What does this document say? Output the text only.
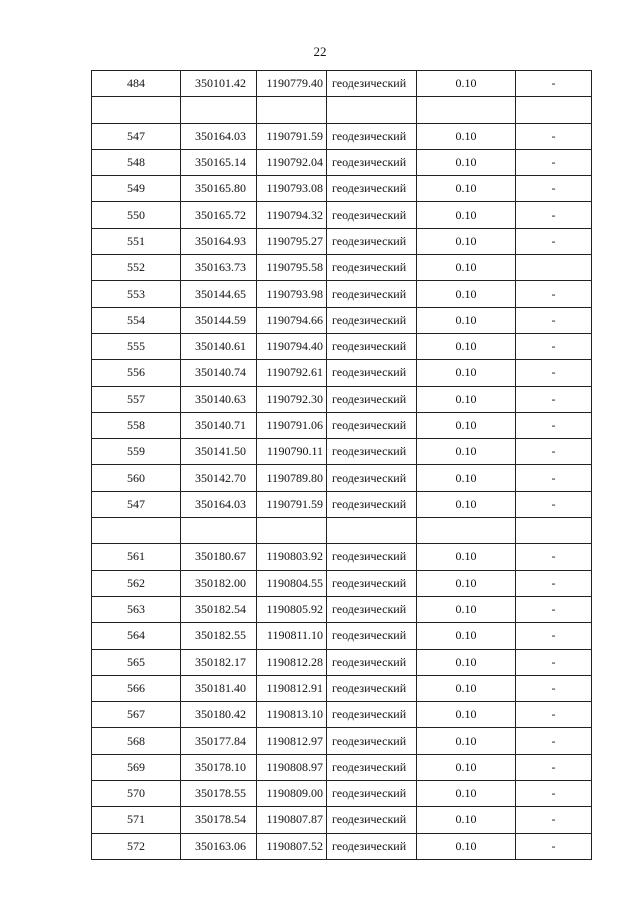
22
484	350101.42	1190779.40	геодезический	0.10	-

547	350164.03	1190791.59	геодезический	0.10	-
548	350165.14	1190792.04	геодезический	0.10	-
549	350165.80	1190793.08	геодезический	0.10	-
550	350165.72	1190794.32	геодезический	0.10	-
551	350164.93	1190795.27	геодезический	0.10	-
552	350163.73	1190795.58	геодезический	0.10	
553	350144.65	1190793.98	геодезический	0.10	-
554	350144.59	1190794.66	геодезический	0.10	-
555	350140.61	1190794.40	геодезический	0.10	-
556	350140.74	1190792.61	геодезический	0.10	-
557	350140.63	1190792.30	геодезический	0.10	-
558	350140.71	1190791.06	геодезический	0.10	-
559	350141.50	1190790.11	геодезический	0.10	-
560	350142.70	1190789.80	геодезический	0.10	-
547	350164.03	1190791.59	геодезический	0.10	-

561	350180.67	1190803.92	геодезический	0.10	-
562	350182.00	1190804.55	геодезический	0.10	-
563	350182.54	1190805.92	геодезический	0.10	-
564	350182.55	1190811.10	геодезический	0.10	-
565	350182.17	1190812.28	геодезический	0.10	-
566	350181.40	1190812.91	геодезический	0.10	-
567	350180.42	1190813.10	геодезический	0.10	-
568	350177.84	1190812.97	геодезический	0.10	-
569	350178.10	1190808.97	геодезический	0.10	-
570	350178.55	1190809.00	геодезический	0.10	-
571	350178.54	1190807.87	геодезический	0.10	-
572	350163.06	1190807.52	геодезический	0.10	-
